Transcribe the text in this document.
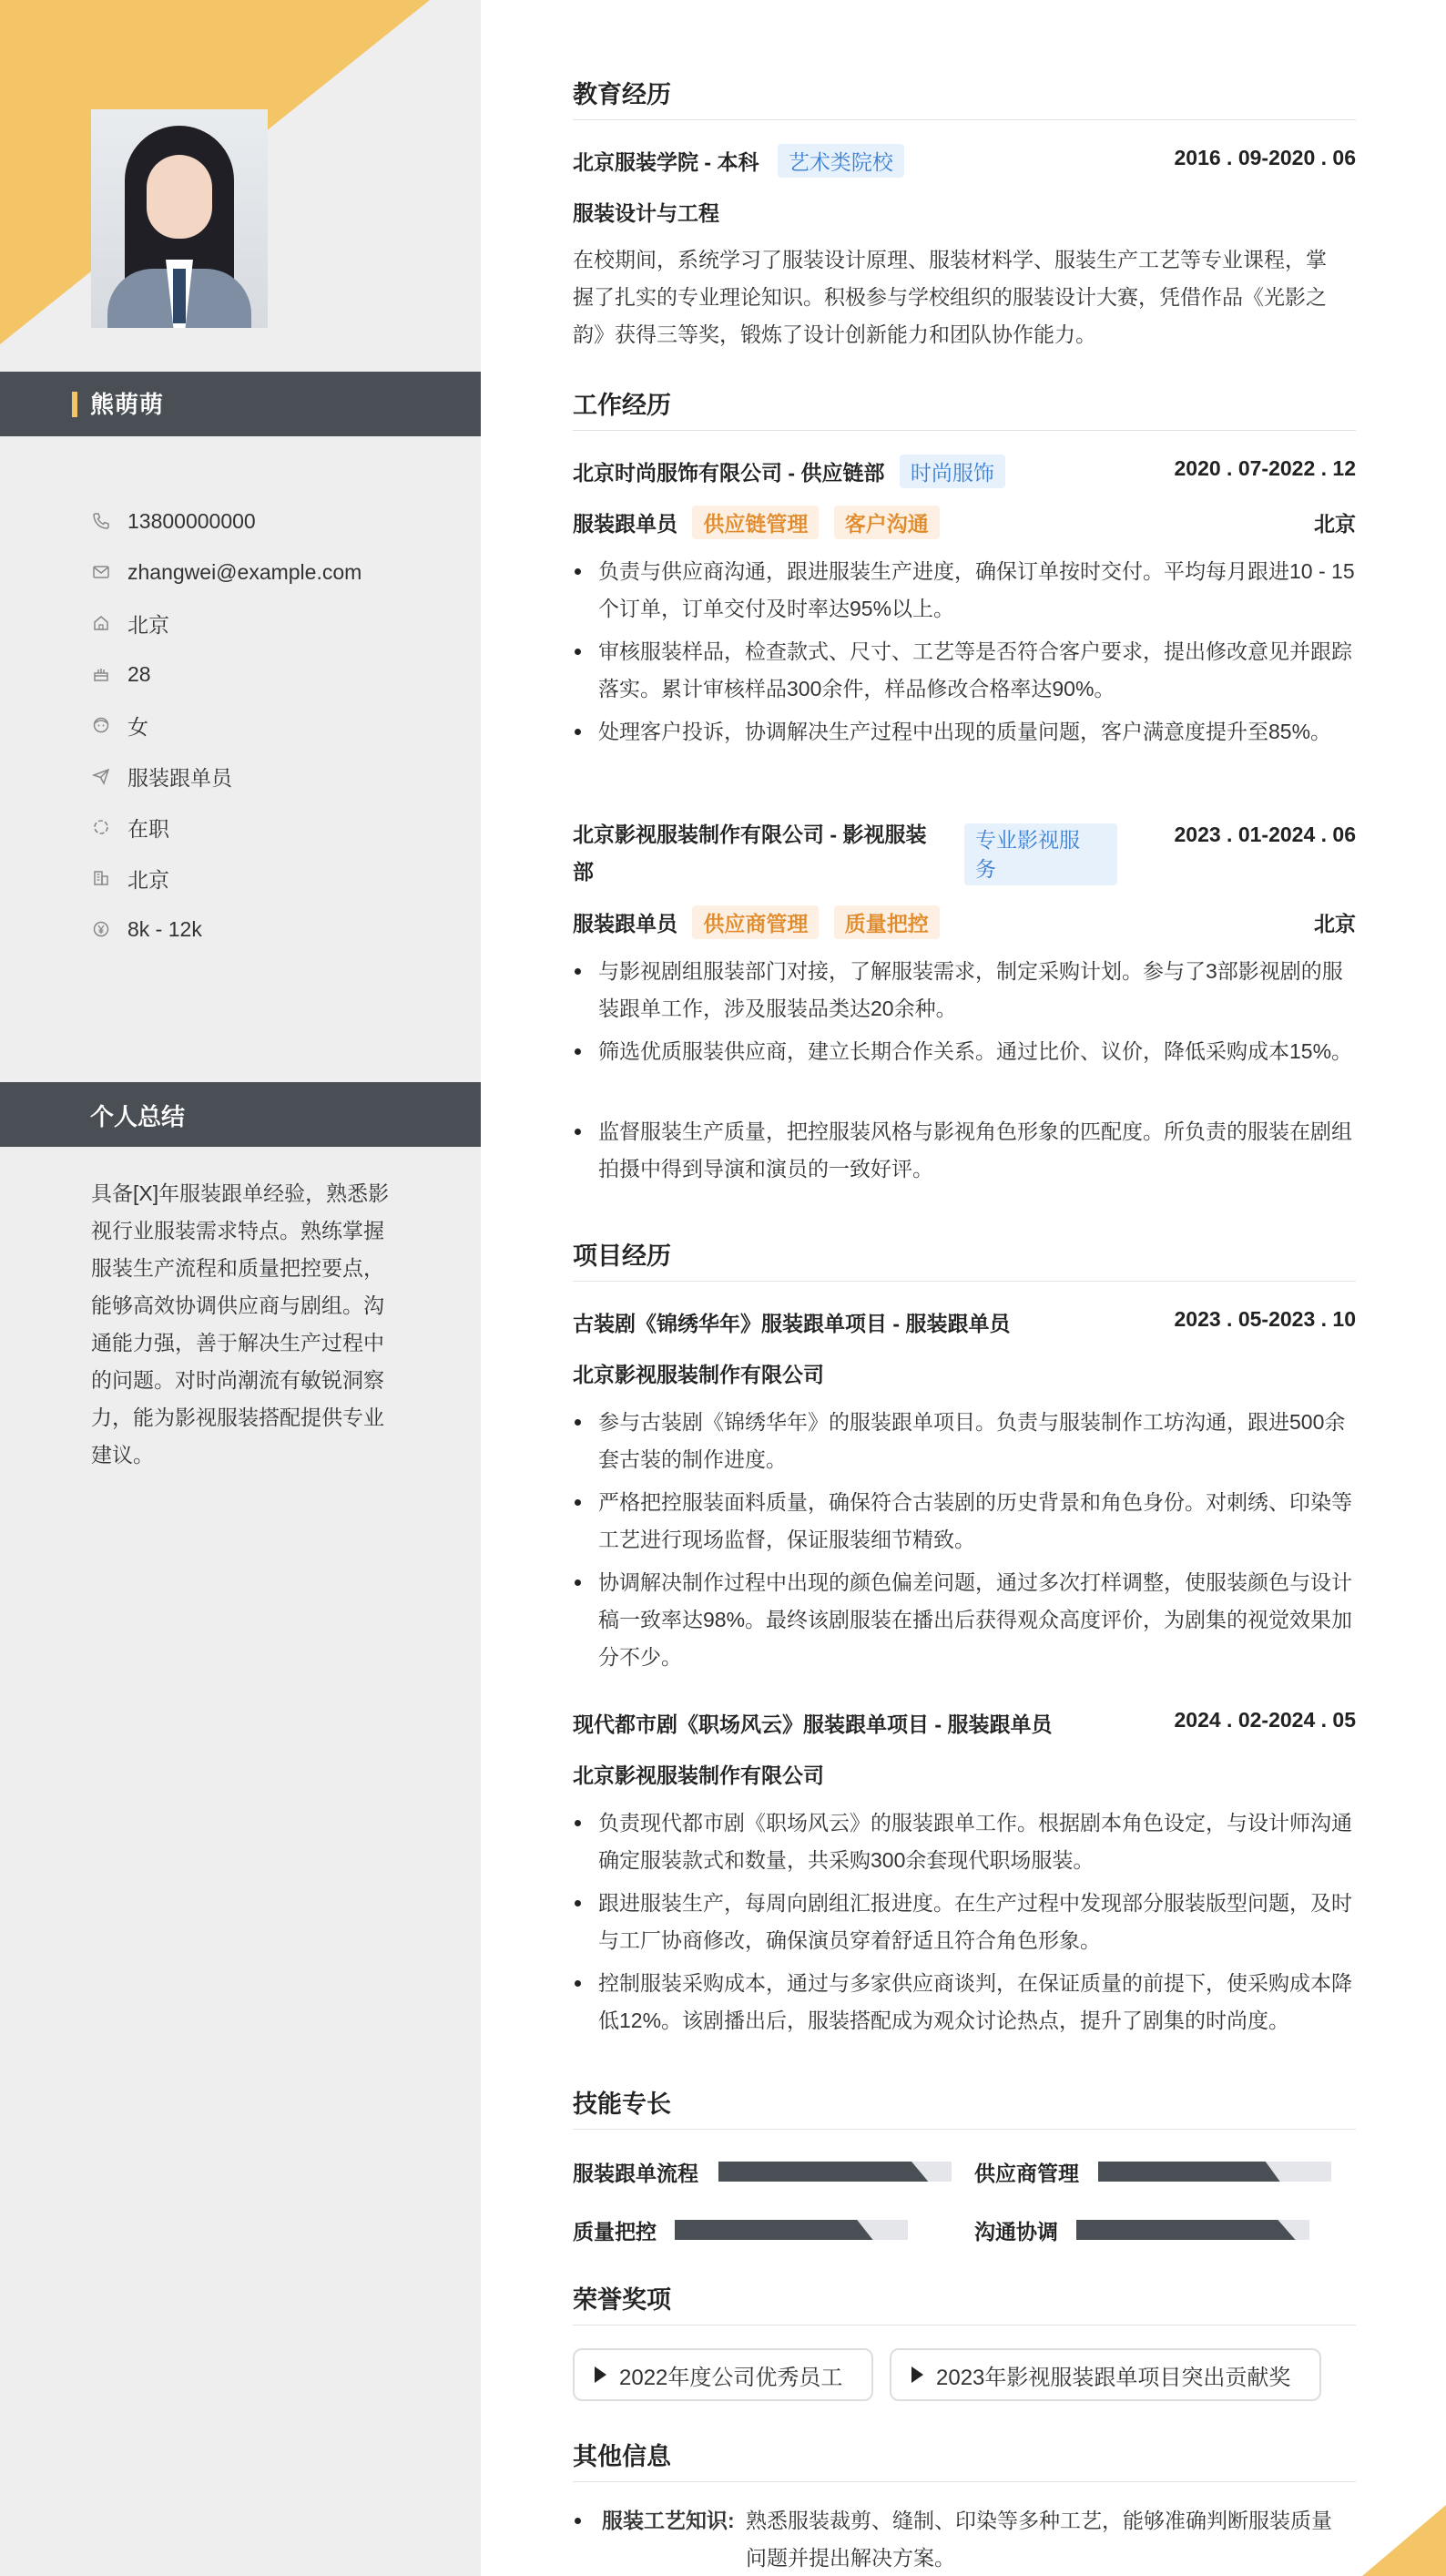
熊萌萌
13800000000
zhangwei@example.com
北京
28
女
服装跟单员
在职
北京
8k - 12k
个人总结
具备[X]年服装跟单经验，熟悉影视行业服装需求特点。熟练掌握服装生产流程和质量把控要点，能够高效协调供应商与剧组。沟通能力强，善于解决生产过程中的问题。对时尚潮流有敏锐洞察力，能为影视服装搭配提供专业建议。
教育经历
北京服装学院 - 本科 艺术类院校	2016 . 09-2020 . 06
服装设计与工程
在校期间，系统学习了服装设计原理、服装材料学、服装生产工艺等专业课程，掌握了扎实的专业理论知识。积极参与学校组织的服装设计大赛，凭借作品《光影之韵》获得三等奖，锻炼了设计创新能力和团队协作能力。
工作经历
北京时尚服饰有限公司 - 供应链部 时尚服饰	2020 . 07-2022 . 12
服装跟单员 供应链管理 客户沟通	北京
负责与供应商沟通，跟进服装生产进度，确保订单按时交付。平均每月跟进10 - 15个订单，订单交付及时率达95%以上。
审核服装样品，检查款式、尺寸、工艺等是否符合客户要求，提出修改意见并跟踪落实。累计审核样品300余件，样品修改合格率达90%。
处理客户投诉，协调解决生产过程中出现的质量问题，客户满意度提升至85%。
北京影视服装制作有限公司 - 影视服装
部
专业影视服
务
2023 . 01-2024 . 06
服装跟单员 供应商管理 质量把控	北京
与影视剧组服装部门对接，了解服装需求，制定采购计划。参与了3部影视剧的服装跟单工作，涉及服装品类达20余种。
筛选优质服装供应商，建立长期合作关系。通过比价、议价，降低采购成本15%。
监督服装生产质量，把控服装风格与影视角色形象的匹配度。所负责的服装在剧组拍摄中得到导演和演员的一致好评。
项目经历
古装剧《锦绣华年》服装跟单项目 - 服装跟单员	2023 . 05-2023 . 10
北京影视服装制作有限公司
参与古装剧《锦绣华年》的服装跟单项目。负责与服装制作工坊沟通，跟进500余套古装的制作进度。
严格把控服装面料质量，确保符合古装剧的历史背景和角色身份。对刺绣、印染等工艺进行现场监督，保证服装细节精致。
协调解决制作过程中出现的颜色偏差问题，通过多次打样调整，使服装颜色与设计稿一致率达98%。最终该剧服装在播出后获得观众高度评价，为剧集的视觉效果加分不少。
现代都市剧《职场风云》服装跟单项目 - 服装跟单员	2024 . 02-2024 . 05
北京影视服装制作有限公司
负责现代都市剧《职场风云》的服装跟单工作。根据剧本角色设定，与设计师沟通确定服装款式和数量，共采购300余套现代职场服装。
跟进服装生产，每周向剧组汇报进度。在生产过程中发现部分服装版型问题，及时与工厂协商修改，确保演员穿着舒适且符合角色形象。
控制服装采购成本，通过与多家供应商谈判，在保证质量的前提下，使采购成本降低12%。该剧播出后，服装搭配成为观众讨论热点，提升了剧集的时尚度。
技能专长
服装跟单流程	供应商管理
质量把控	沟通协调
荣誉奖项
2022年度公司优秀员工	2023年影视服装跟单项目突出贡献奖
其他信息
服装工艺知识: 熟悉服装裁剪、缝制、印染等多种工艺，能够准确判断服装质量问题并提出解决方案。
